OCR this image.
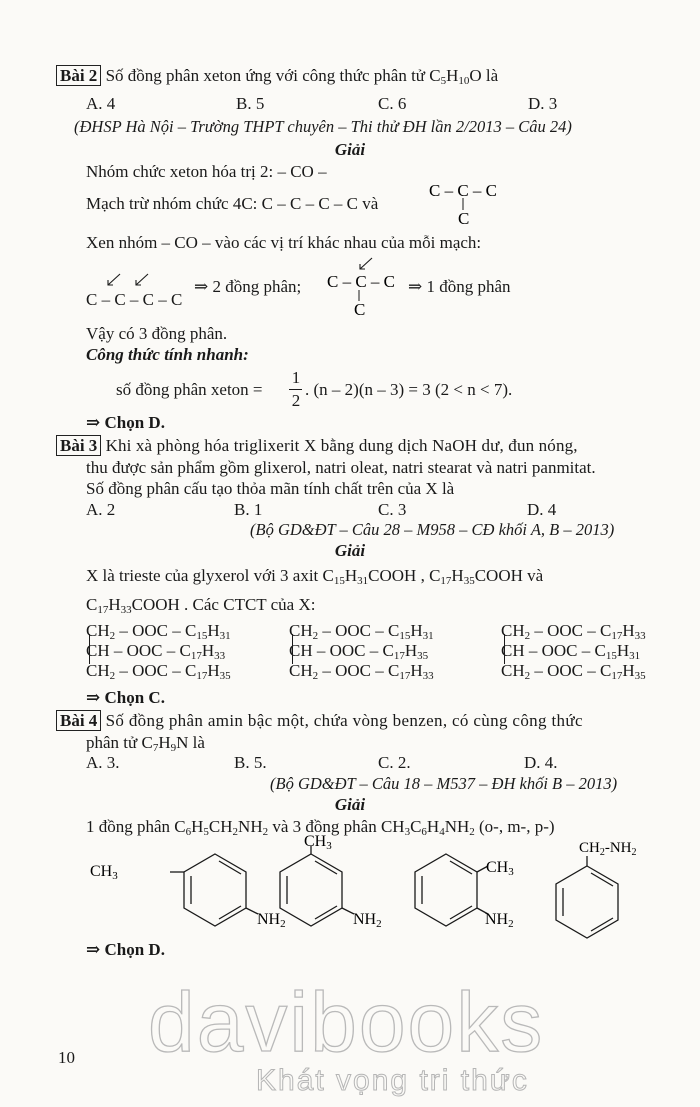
Bài 2 Số đồng phân xeton ứng với công thức phân tử $C_5H_{10}O$ là
A. 4	B. 5	C. 6	D. 3
(ĐHSP Hà Nội – Trường THPT chuyên – Thi thử ĐH lần 2/2013 – Câu 24)
Giải
Nhóm chức xeton hóa trị 2: – CO –
Mạch trừ nhóm chức 4C: C – C – C – C và
C – C – C
C
Xen nhóm – CO – vào các vị trí khác nhau của mỗi mạch:
C – C – C – C
⇒ 2 đồng phân; C – C – C
C
⇒ 1 đồng phân
Vậy có 3 đồng phân.
Công thức tính nhanh:
số đồng phân xeton =
1
2
. (n – 2)(n – 3) = 3 (2 < n < 7).
⇒ Chọn D.
Bài 3 Khi xà phòng hóa triglixerit X bằng dung dịch NaOH dư, đun nóng,
thu được sản phẩm gồm glixerol, natri oleat, natri stearat và natri panmitat.
Số đồng phân cấu tạo thỏa mãn tính chất trên của X là
A. 2	B. 1	C. 3	D. 4
(Bộ GD&ĐT – Câu 28 – M958 – CĐ khối A, B – 2013)
Giải
X là trieste của glyxerol với 3 axit $C_{15}H_{31}COOH$ , $C_{17}H_{35}COOH$ và
$C_{17}H_{33}COOH$ . Các CTCT của X:
$CH_2$ – OOC – $C_{15}H_{31}$
CH – OOC – $C_{17}H_{33}$
$CH_2$ – OOC – $C_{17}H_{35}$
$CH_2$ – OOC – $C_{15}H_{31}$
CH – OOC – $C_{17}H_{35}$
$CH_2$ – OOC – $C_{17}H_{33}$
$CH_2$ – OOC – $C_{17}H_{33}$
CH – OOC – $C_{15}H_{31}$
$CH_2$ – OOC – $C_{17}H_{35}$
⇒ Chọn C.
Bài 4 Số đồng phân amin bậc một, chứa vòng benzen, có cùng công thức
phân tử $C_7H_9N$ là
A. 3.	B. 5.	C. 2.	D. 4.
(Bộ GD&ĐT – Câu 18 – M537 – ĐH khối B – 2013)
Giải
1 đồng phân $C_6H_5CH_2NH_2$ và 3 đồng phân $CH_3C_6H_4NH_2$ (o-, m-, p-)
CH3
NH2
CH3
NH2
CH3
NH2
$CH_2-NH_2$
⇒ Chọn D.
10 davibooks
Khát vọng tri thức
